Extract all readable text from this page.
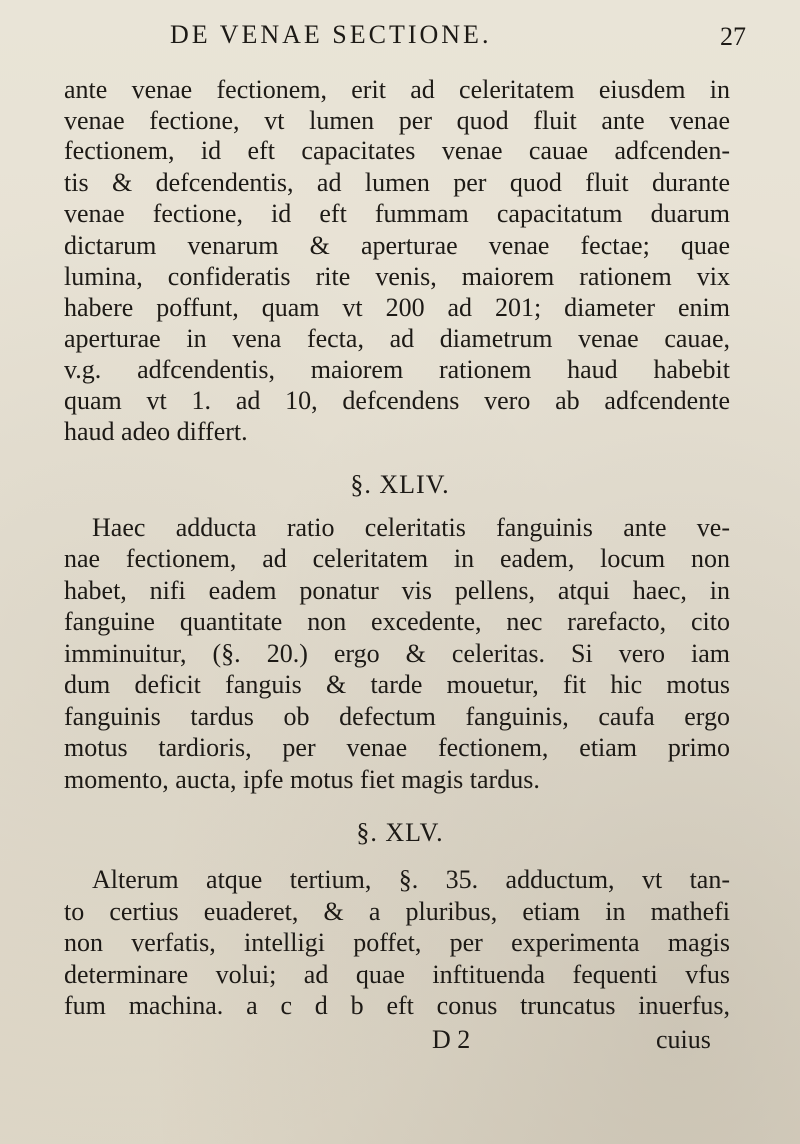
DE VENAE SECTIONE.	27
ante venae fectionem, erit ad celeritatem eiusdem in
venae fectione, vt lumen per quod fluit ante venae
fectionem, id eft capacitates venae cauae adfcenden-
tis & defcendentis, ad lumen per quod fluit durante
venae fectione, id eft fummam capacitatum duarum
dictarum venarum & aperturae venae fectae; quae
lumina, confideratis rite venis, maiorem rationem vix
habere poffunt, quam vt 200 ad 201; diameter enim
aperturae in vena fecta, ad diametrum venae cauae,
v.g. adfcendentis, maiorem rationem haud habebit
quam vt 1. ad 10, defcendens vero ab adfcendente
haud adeo differt.
§. XLIV.
Haec adducta ratio celeritatis fanguinis ante ve-
nae fectionem, ad celeritatem in eadem, locum non
habet, nifi eadem ponatur vis pellens, atqui haec, in
fanguine quantitate non excedente, nec rarefacto, cito
imminuitur, (§. 20.) ergo & celeritas. Si vero iam
dum deficit fanguis & tarde mouetur, fit hic motus
fanguinis tardus ob defectum fanguinis, caufa ergo
motus tardioris, per venae fectionem, etiam primo
momento, aucta, ipfe motus fiet magis tardus.
§. XLV.
Alterum atque tertium, §. 35. adductum, vt tan-
to certius euaderet, & a pluribus, etiam in mathefi
non verfatis, intelligi poffet, per experimenta magis
determinare volui; ad quae inftituenda fequenti vfus
fum machina. a c d b eft conus truncatus inuerfus,
D 2	cuius
